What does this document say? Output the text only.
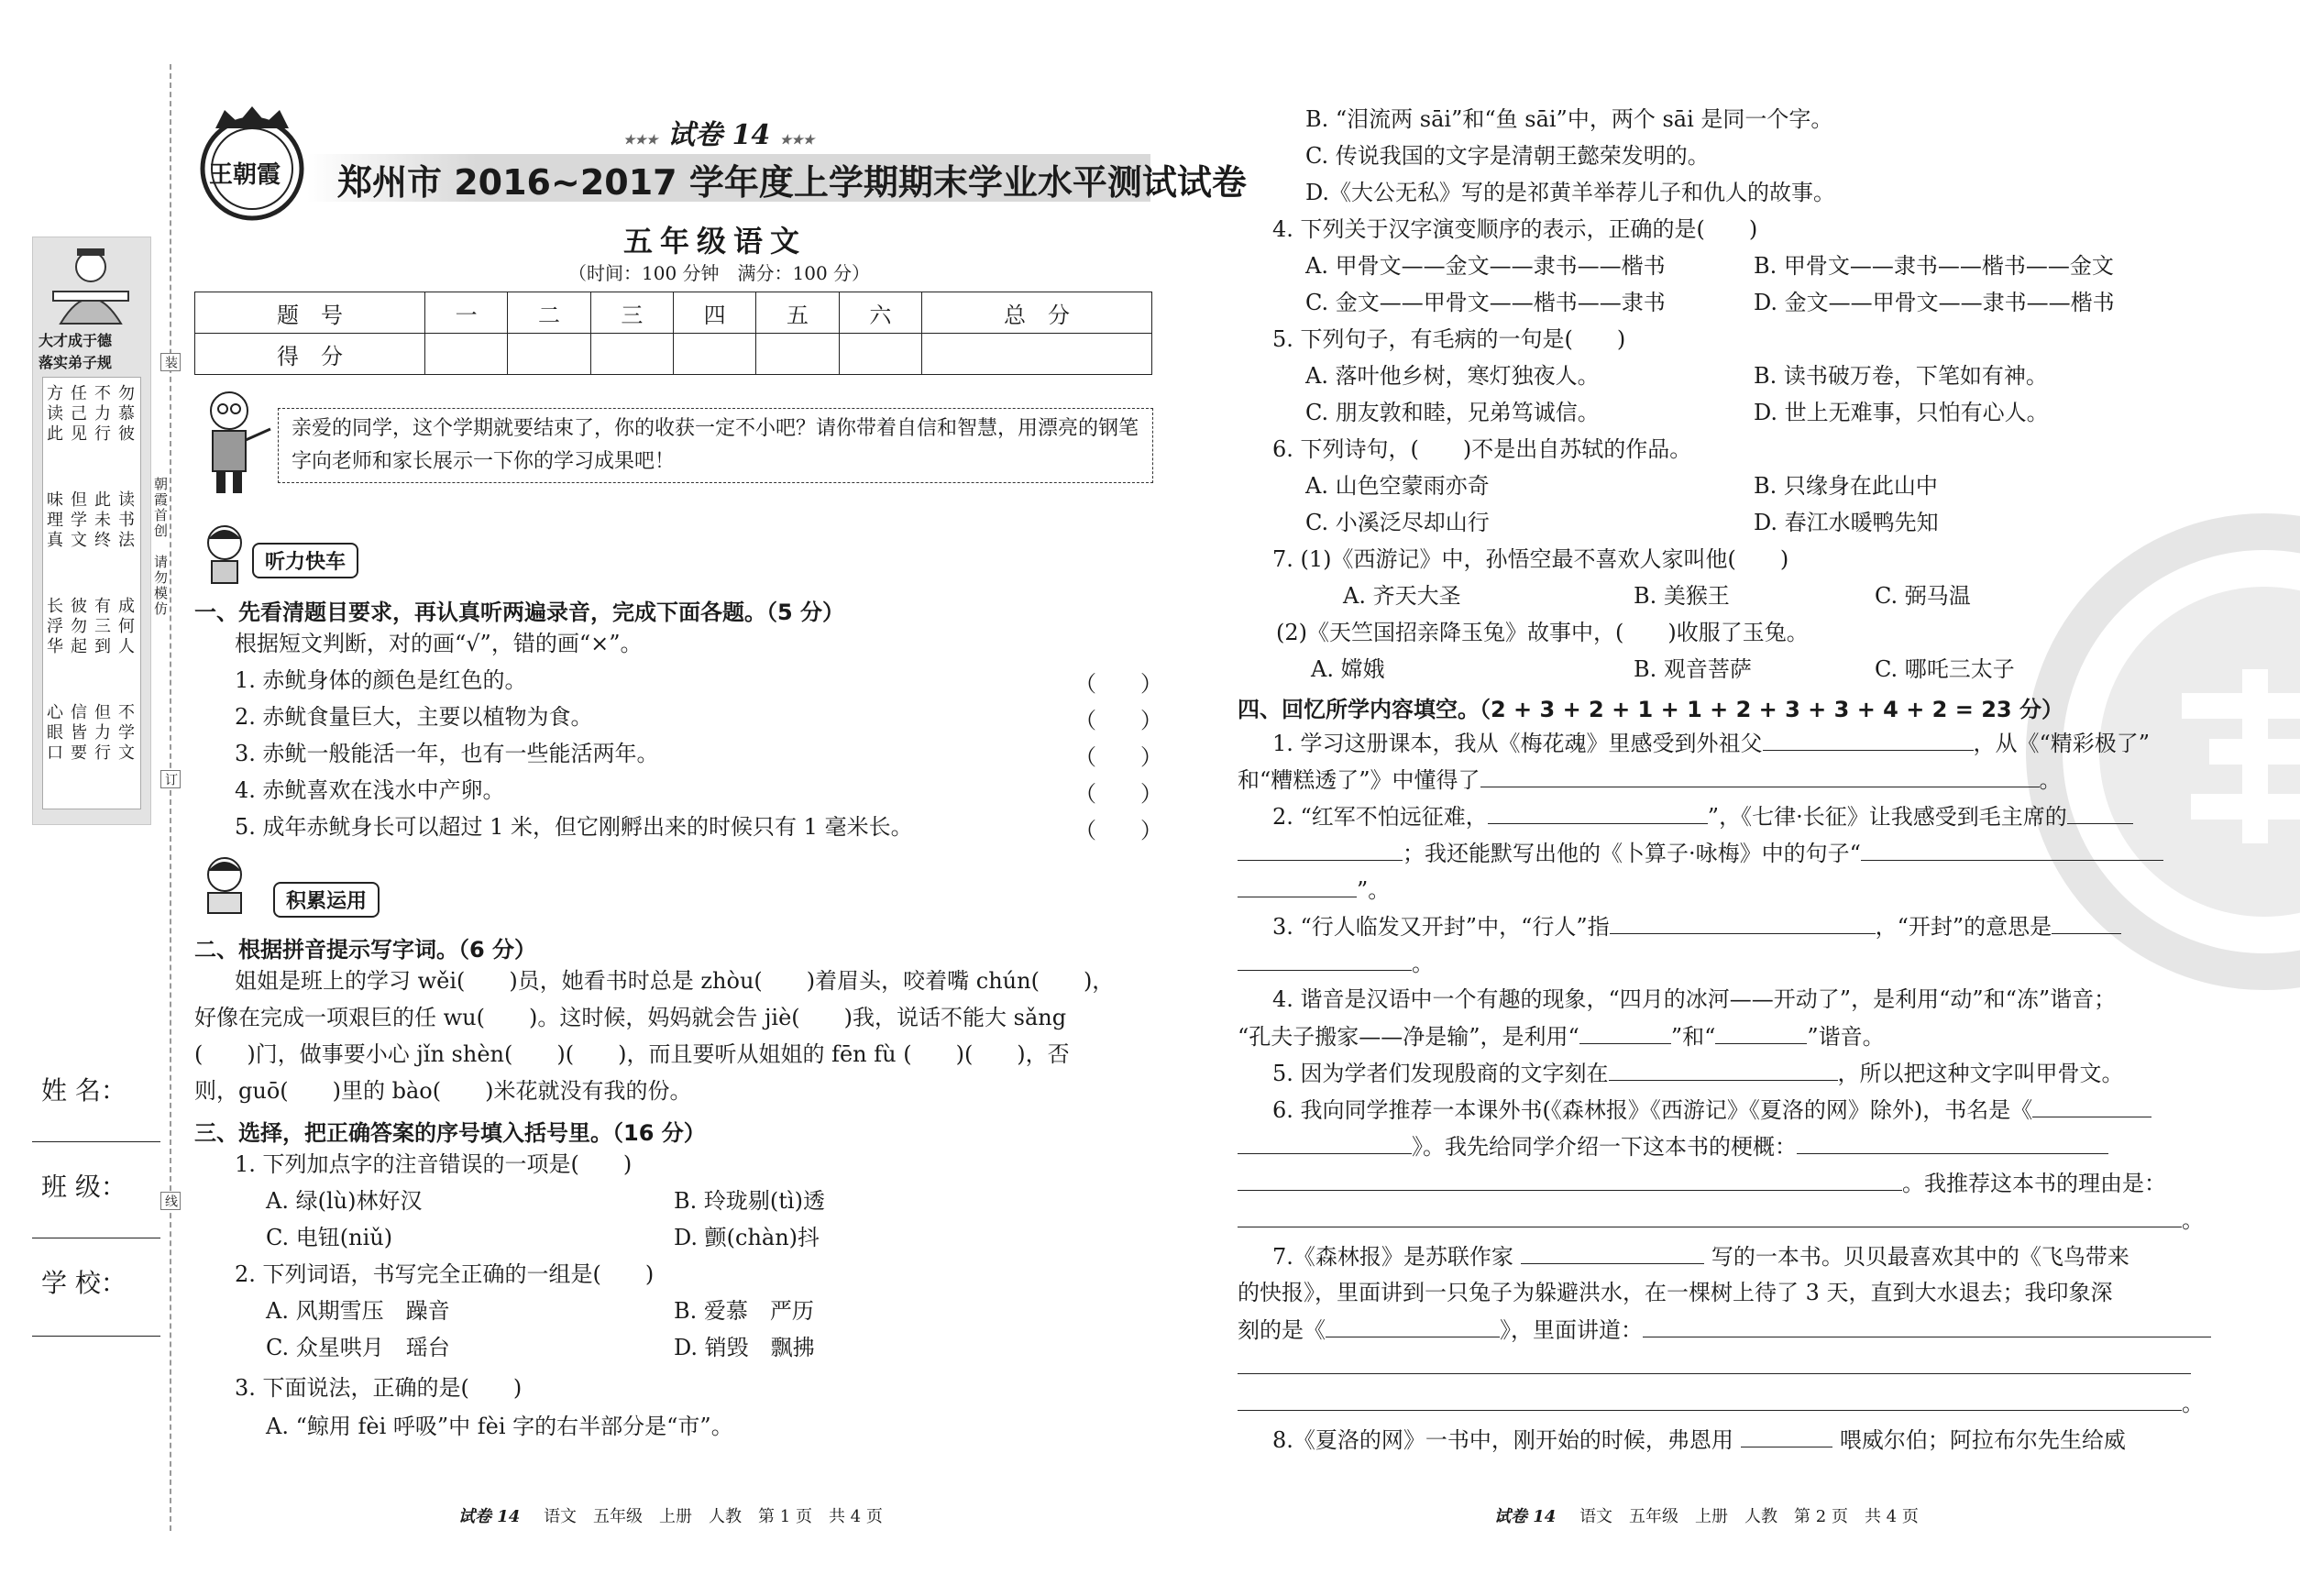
装
订
线
大才成于德
落实弟子规
方读此
任己见
不力行
勿慕彼
味理真
但学文
此未终
读书法
长浮华
彼勿起
有三到
成何人
心眼口
信皆要
但力行
不学文
朝霞首创　请勿模仿
姓 名：
班 级：
学 校：
王朝霞
★★★ 试卷 14 ★★★
郑州市 2016~2017 学年度上学期期末学业水平测试试卷
五年级语文
（时间：100 分钟　满分：100 分）
题　号	一	二	三	四	五	六	总　分
得　分							
亲爱的同学，这个学期就要结束了，你的收获一定不小吧？请你带着自信和智慧，用漂亮的钢笔字向老师和家长展示一下你的学习成果吧！
听力快车
一、先看清题目要求，再认真听两遍录音，完成下面各题。（5 分）
根据短文判断，对的画“√”，错的画“×”。
1. 赤鱿身体的颜色是红色的。	（　　）
2. 赤鱿食量巨大，主要以植物为食。	（　　）
3. 赤鱿一般能活一年，也有一些能活两年。	（　　）
4. 赤鱿喜欢在浅水中产卵。	（　　）
5. 成年赤鱿身长可以超过 1 米，但它刚孵出来的时候只有 1 毫米长。	（　　）
积累运用
二、根据拼音提示写字词。（6 分）
姐姐是班上的学习 wěi(　　)员，她看书时总是 zhòu(　　)着眉头，咬着嘴 chún(　　)，
好像在完成一项艰巨的任 wu(　　)。这时候，妈妈就会告 jiè(　　)我，说话不能大 sǎng
(　　)门，做事要小心 jǐn shèn(　　)(　　)，而且要听从姐姐的 fēn fù (　　)(　　)，否
则，guō(　　)里的 bào(　　)米花就没有我的份。
三、选择，把正确答案的序号填入括号里。（16 分）
1. 下列加点字的注音错误的一项是(　　)
A. 绿(lù)林好汉	B. 玲珑剔(tì)透
C. 电钮(niǔ)	D. 颤(chàn)抖
2. 下列词语，书写完全正确的一组是(　　)
A. 风期雪压　躁音	B. 爱慕　严历
C. 众星哄月　瑶台	D. 销毁　飘拂
3. 下面说法，正确的是(　　)
A. “鲸用 fèi 呼吸”中 fèi 字的右半部分是“市”。
试卷 14 语文　五年级　上册　人教　第 1 页　共 4 页
B. “泪流两 sāi”和“鱼 sāi”中，两个 sāi 是同一个字。
C. 传说我国的文字是清朝王懿荣发明的。
D.《大公无私》写的是祁黄羊举荐儿子和仇人的故事。
4. 下列关于汉字演变顺序的表示，正确的是(　　)
A. 甲骨文——金文——隶书——楷书	B. 甲骨文——隶书——楷书——金文
C. 金文——甲骨文——楷书——隶书	D. 金文——甲骨文——隶书——楷书
5. 下列句子，有毛病的一句是(　　)
A. 落叶他乡树，寒灯独夜人。	B. 读书破万卷，下笔如有神。
C. 朋友敦和睦，兄弟笃诚信。	D. 世上无难事，只怕有心人。
6. 下列诗句，(　　)不是出自苏轼的作品。
A. 山色空蒙雨亦奇	B. 只缘身在此山中
C. 小溪泛尽却山行	D. 春江水暖鸭先知
7. (1)《西游记》中，孙悟空最不喜欢人家叫他(　　)
A. 齐天大圣	B. 美猴王	C. 弼马温
(2)《天竺国招亲降玉兔》故事中，(　　)收服了玉兔。
A. 嫦娥	B. 观音菩萨	C. 哪吒三太子
四、回忆所学内容填空。（2 + 3 + 2 + 1 + 1 + 2 + 3 + 3 + 4 + 2 = 23 分）
1. 学习这册课本，我从《梅花魂》里感受到外祖父	，从《“精彩极了”
和“糟糕透了”》中懂得了	。
2. “红军不怕远征难，	”，《七律·长征》让我感受到毛主席的
；我还能默写出他的《卜算子·咏梅》中的句子“
”。
3. “行人临发又开封”中，“行人”指	，“开封”的意思是
。
4. 谐音是汉语中一个有趣的现象，“四月的冰河——开动了”，是利用“动”和“冻”谐音；
“孔夫子搬家——净是输”，是利用“	”和“	”谐音。
5. 因为学者们发现殷商的文字刻在	，所以把这种文字叫甲骨文。
6. 我向同学推荐一本课外书(《森林报》《西游记》《夏洛的网》除外)，书名是《
》。我先给同学介绍一下这本书的梗概：
。我推荐这本书的理由是：
。
7.《森林报》是苏联作家	写的一本书。贝贝最喜欢其中的《飞鸟带来
的快报》，里面讲到一只兔子为躲避洪水，在一棵树上待了 3 天，直到大水退去；我印象深
刻的是《	》，里面讲道：
。
8.《夏洛的网》一书中，刚开始的时候，弗恩用	喂威尔伯；阿拉布尔先生给威
试卷 14 语文　五年级　上册　人教　第 2 页　共 4 页
